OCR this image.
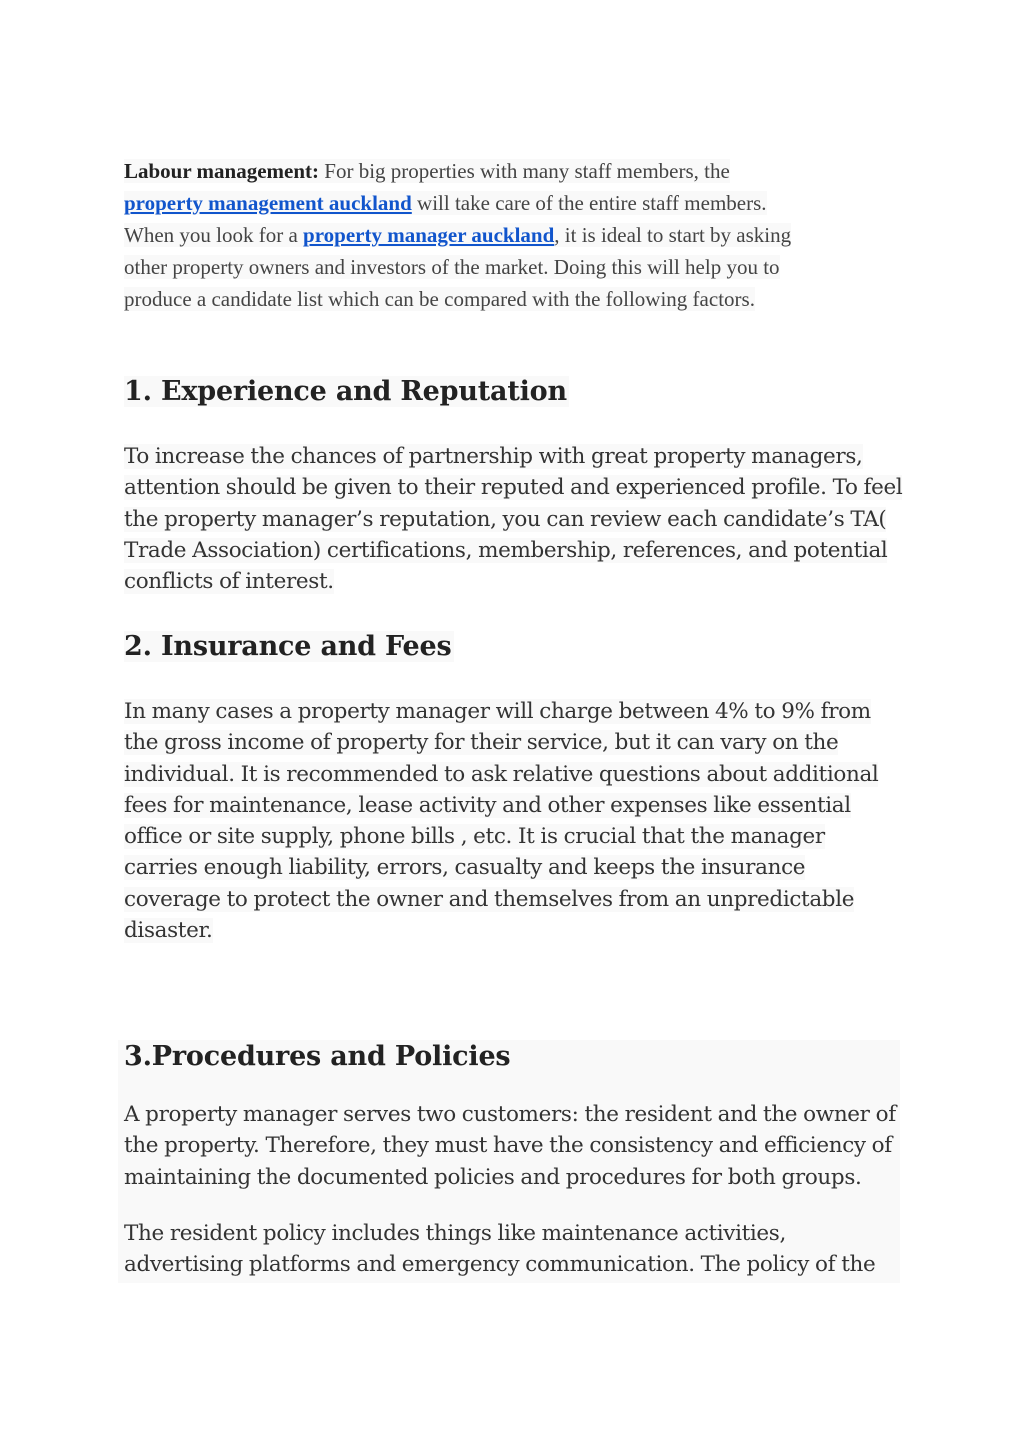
Labour management: For big properties with many staff members, the
property management auckland will take care of the entire staff members.
When you look for a property manager auckland, it is ideal to start by asking
other property owners and investors of the market. Doing this will help you to
produce a candidate list which can be compared with the following factors.

1. Experience and Reputation

To increase the chances of partnership with great property managers, attention should be given to their reputed and experienced profile. To feel the property manager’s reputation, you can review each candidate’s TA( Trade Association) certifications, membership, references, and potential conflicts of interest.

2. Insurance and Fees

In many cases a property manager will charge between 4% to 9% from the gross income of property for their service, but it can vary on the individual. It is recommended to ask relative questions about additional fees for maintenance, lease activity and other expenses like essential office or site supply, phone bills , etc. It is crucial that the manager carries enough liability, errors, casualty and keeps the insurance coverage to protect the owner and themselves from an unpredictable disaster.

3.Procedures and Policies

A property manager serves two customers: the resident and the owner of the property. Therefore, they must have the consistency and efficiency of maintaining the documented policies and procedures for both groups.

The resident policy includes things like maintenance activities, advertising platforms and emergency communication. The policy of the
